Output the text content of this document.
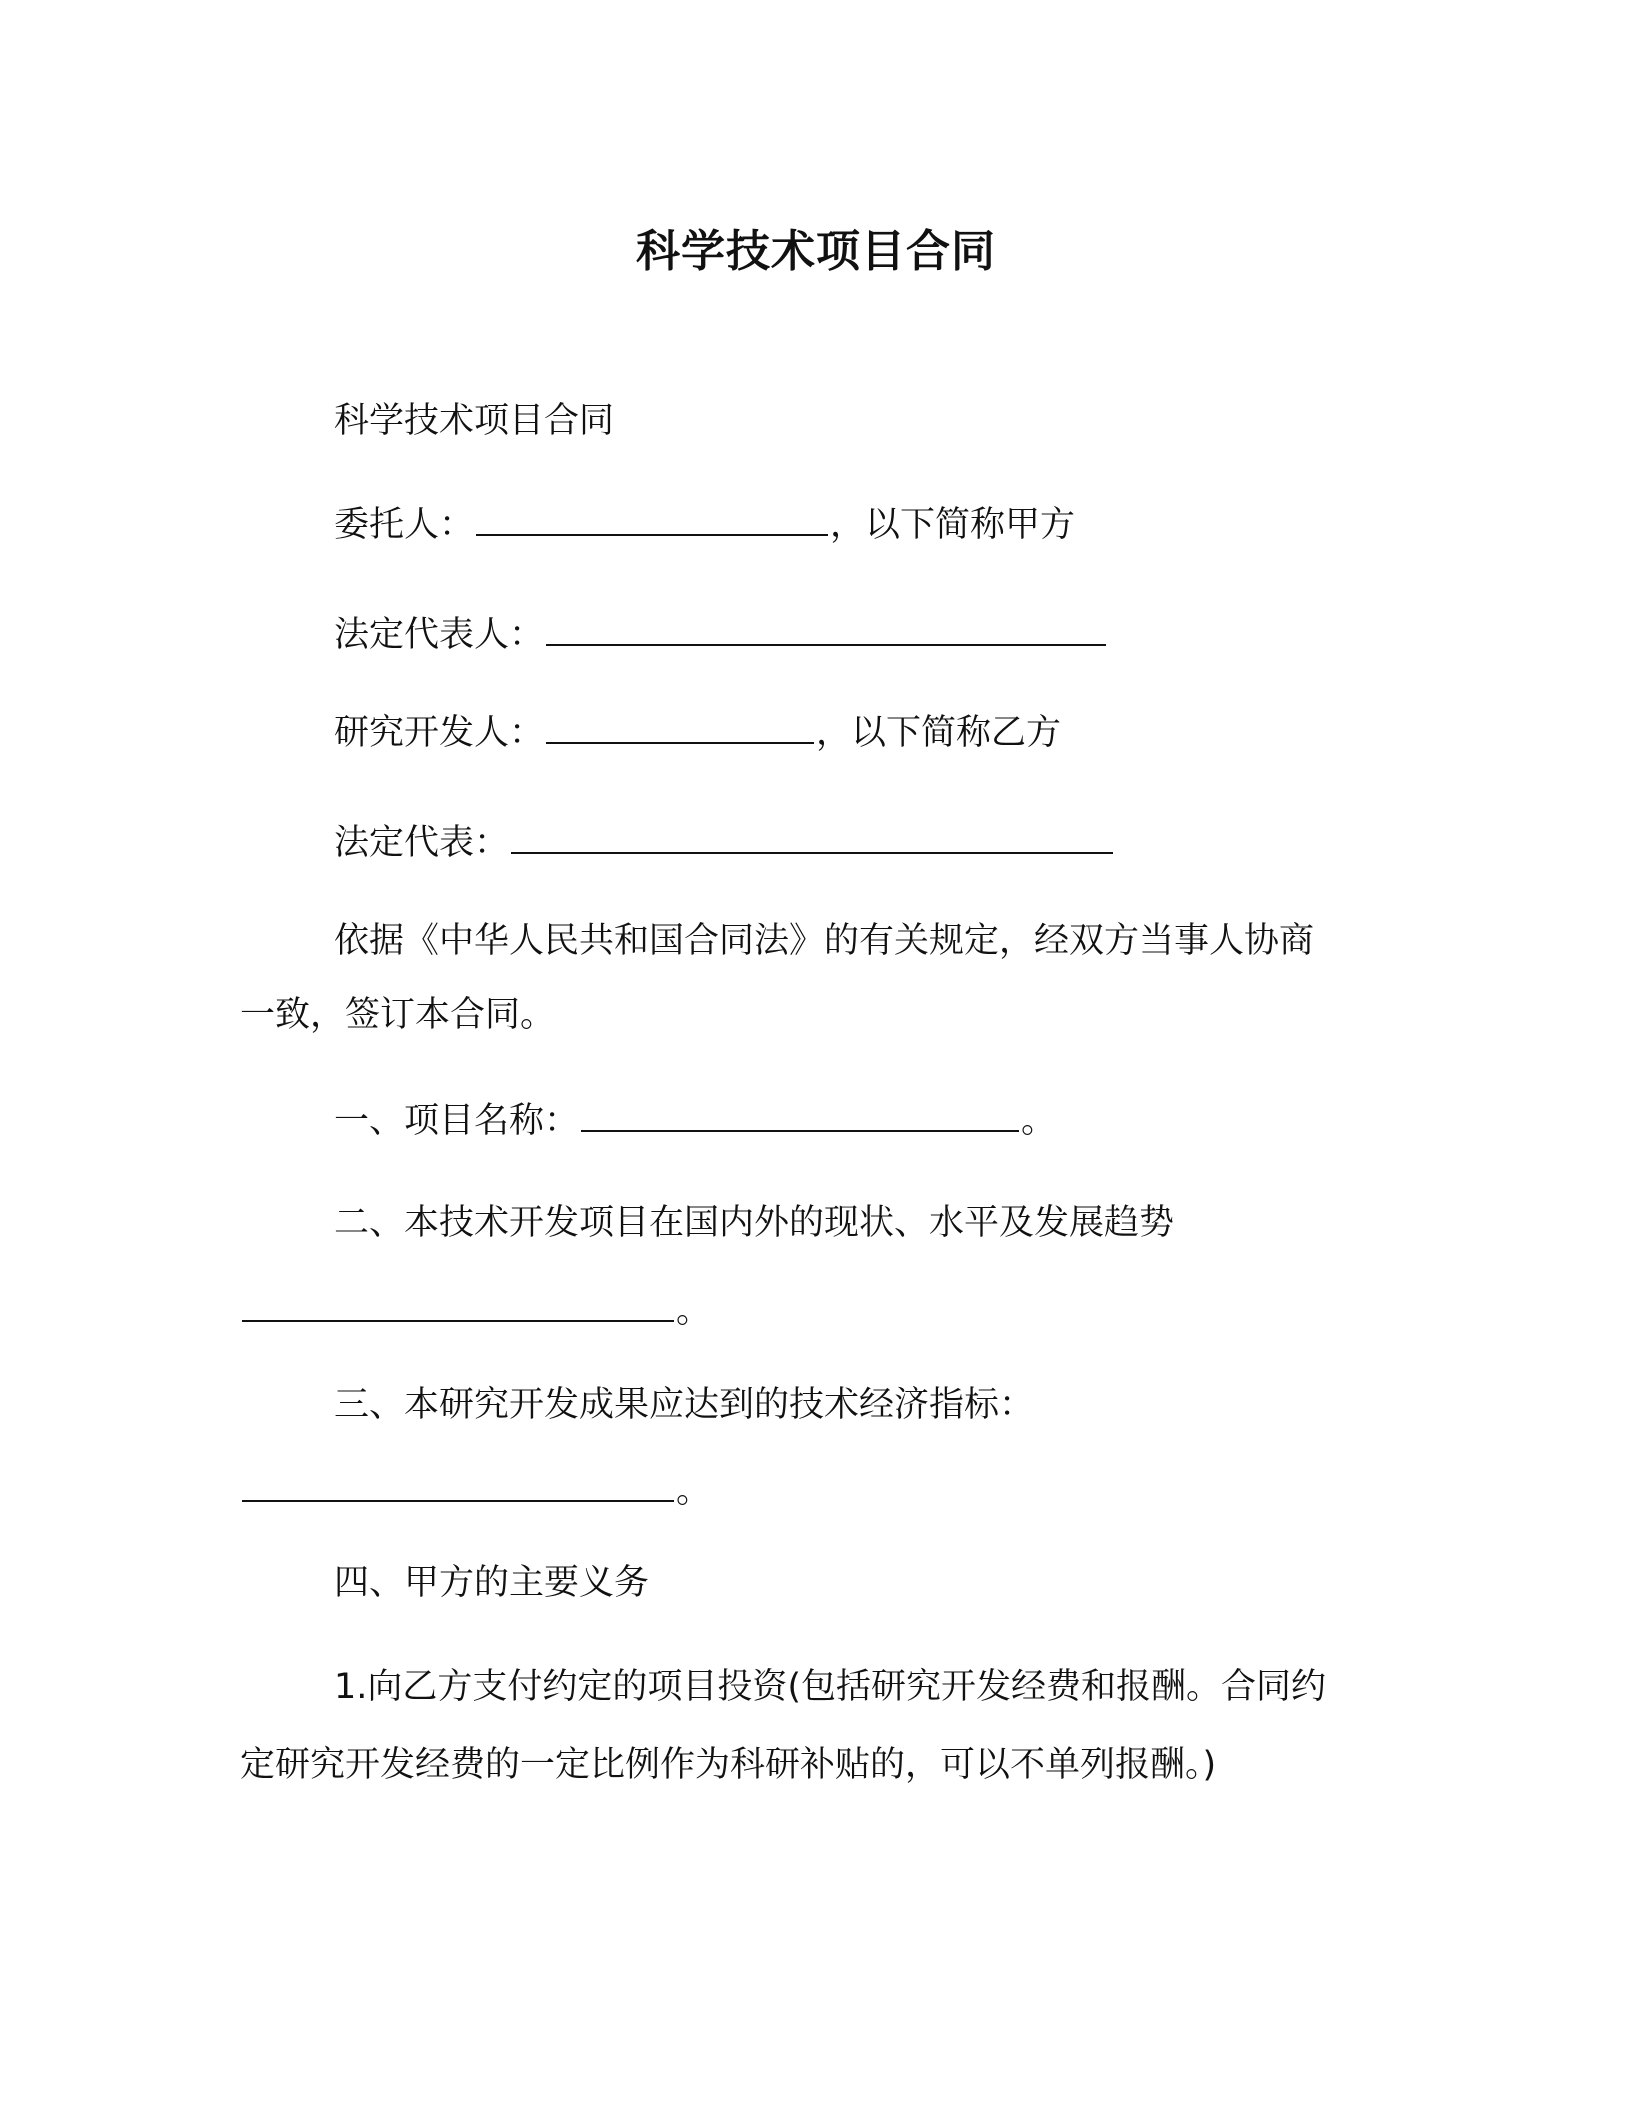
科学技术项目合同
科学技术项目合同
委托人：	，以下简称甲方
法定代表人：
研究开发人：	，以下简称乙方
法定代表：
依据《中华人民共和国合同法》的有关规定，经双方当事人协商
一致，签订本合同。
一、项目名称：	。
二、本技术开发项目在国内外的现状、水平及发展趋势
。
三、本研究开发成果应达到的技术经济指标：
。
四、甲方的主要义务
1.向乙方支付约定的项目投资(包括研究开发经费和报酬。合同约
定研究开发经费的一定比例作为科研补贴的，可以不单列报酬。)
